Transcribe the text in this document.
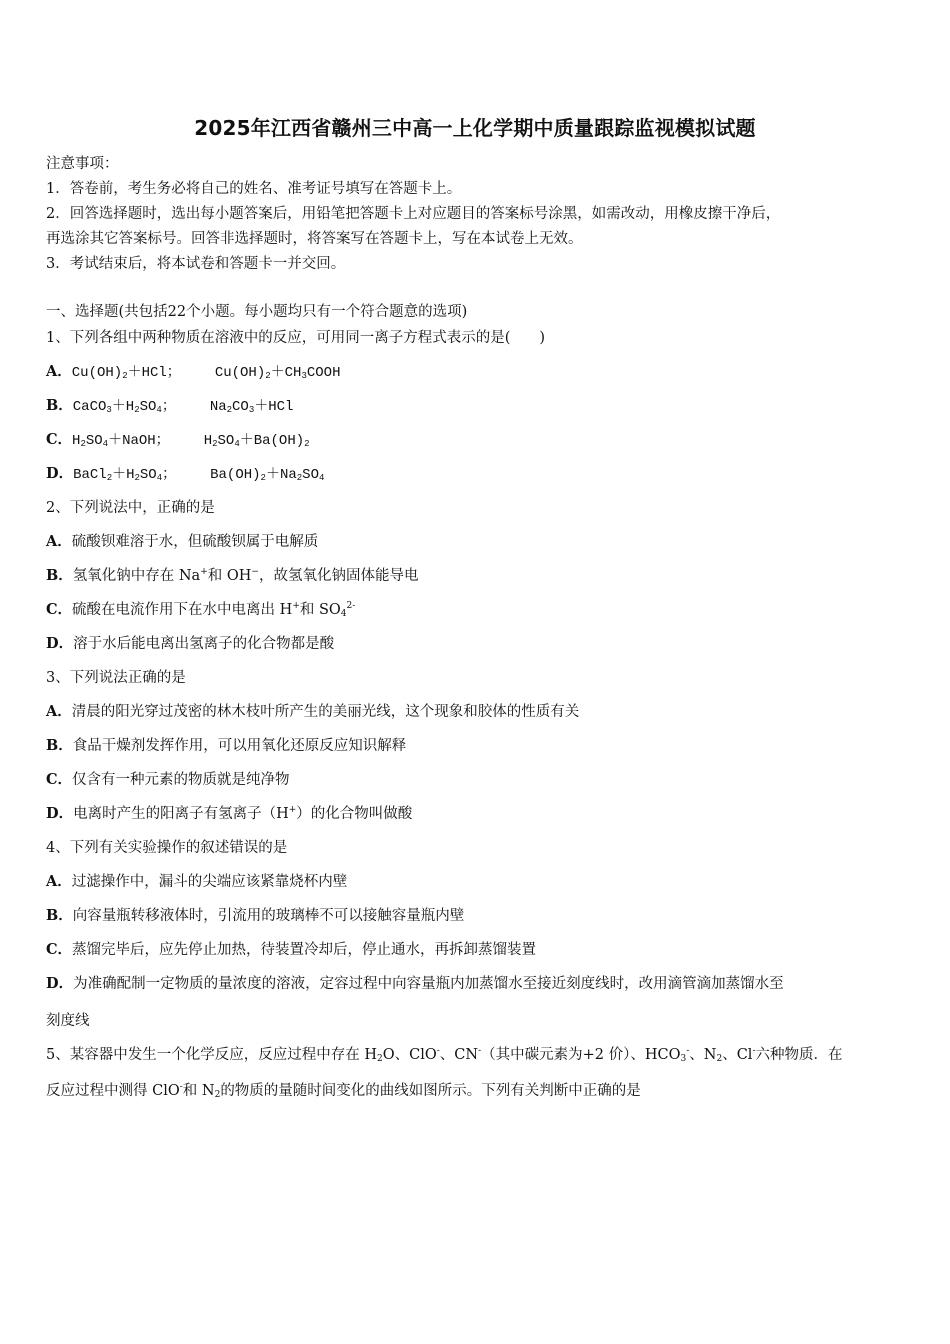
2025年江西省赣州三中高一上化学期中质量跟踪监视模拟试题
注意事项：
1．答卷前，考生务必将自己的姓名、准考证号填写在答题卡上。
2．回答选择题时，选出每小题答案后，用铅笔把答题卡上对应题目的答案标号涂黑，如需改动，用橡皮擦干净后，
再选涂其它答案标号。回答非选择题时，将答案写在答题卡上，写在本试卷上无效。
3．考试结束后，将本试卷和答题卡一并交回。
一、选择题(共包括22个小题。每小题均只有一个符合题意的选项)
1、下列各组中两种物质在溶液中的反应，可用同一离子方程式表示的是(　　)
A．$Cu(OH)_2+HCl$； $Cu(OH)_2+CH_3COOH$
B．$CaCO_3+H_2SO_4$； $Na_2CO_3+HCl$
C．$H_2SO_4+NaOH$； $H_2SO_4+Ba(OH)_2$
D．$BaCl_2+H_2SO_4$； $Ba(OH)_2+Na_2SO_4$
2、下列说法中，正确的是
A．硫酸钡难溶于水，但硫酸钡属于电解质
B．氢氧化钠中存在 Na+和 OH−，故氢氧化钠固体能导电
C．硫酸在电流作用下在水中电离出 H+和 $SO_4^{2-}$
D．溶于水后能电离出氢离子的化合物都是酸
3、下列说法正确的是
A．清晨的阳光穿过茂密的林木枝叶所产生的美丽光线，这个现象和胶体的性质有关
B．食品干燥剂发挥作用，可以用氧化还原反应知识解释
C．仅含有一种元素的物质就是纯净物
D．电离时产生的阳离子有氢离子（H+）的化合物叫做酸
4、下列有关实验操作的叙述错误的是
A．过滤操作中，漏斗的尖端应该紧靠烧杯内壁
B．向容量瓶转移液体时，引流用的玻璃棒不可以接触容量瓶内壁
C．蒸馏完毕后，应先停止加热，待装置冷却后，停止通水，再拆卸蒸馏装置
D．为准确配制一定物质的量浓度的溶液，定容过程中向容量瓶内加蒸馏水至接近刻度线时，改用滴管滴加蒸馏水至
刻度线
5、某容器中发生一个化学反应，反应过程中存在 $H_2O$、ClO-、CN-（其中碳元素为+2 价）、$HCO_3^-$、$N_2$、Cl-六种物质．在
反应过程中测得 ClO-和 $N_2$的物质的量随时间变化的曲线如图所示。下列有关判断中正确的是
